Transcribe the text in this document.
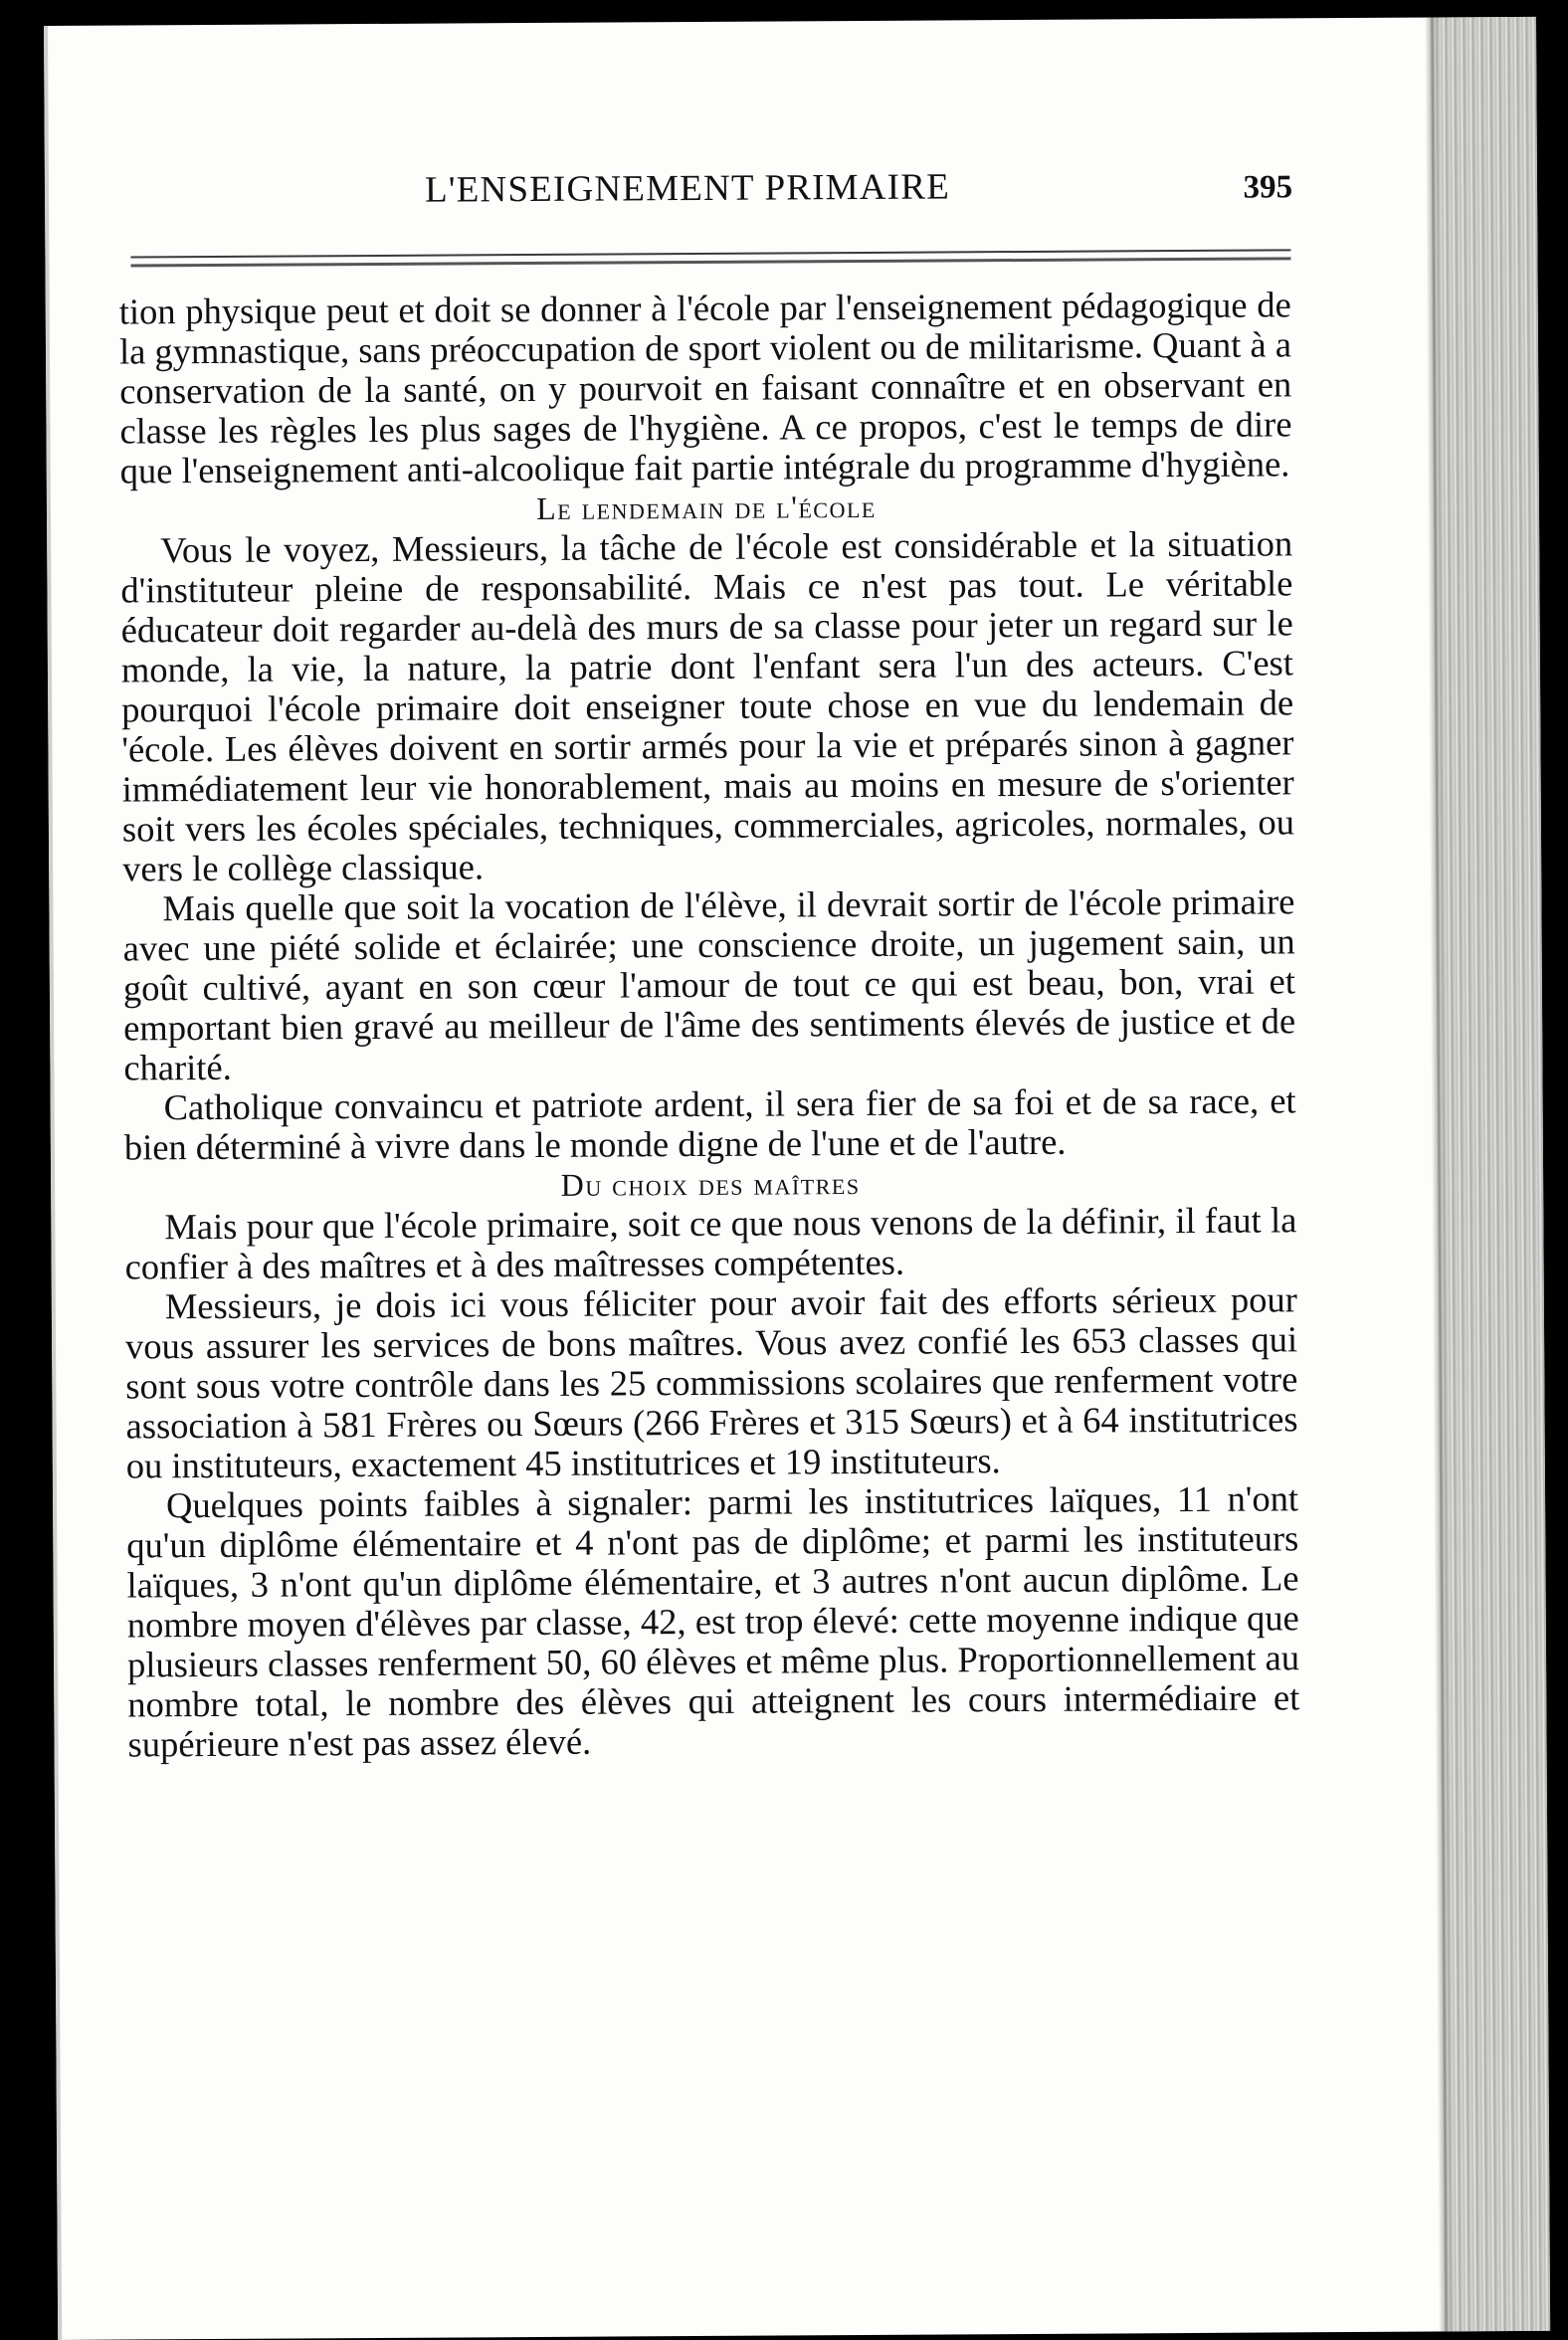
L'ENSEIGNEMENT PRIMAIRE	395

tion physique peut et doit se donner à l'école par l'enseignement pédagogique de la gymnastique, sans préoccupation de sport violent ou de militarisme. Quant à a conservation de la santé, on y pourvoit en faisant connaître et en observant en classe les règles les plus sages de l'hygiène. A ce propos, c'est le temps de dire que l'enseignement anti-alcoolique fait partie intégrale du programme d'hygiène.

Le lendemain de l'école

Vous le voyez, Messieurs, la tâche de l'école est considérable et la situation d'instituteur pleine de responsabilité. Mais ce n'est pas tout. Le véritable éducateur doit regarder au-delà des murs de sa classe pour jeter un regard sur le monde, la vie, la nature, la patrie dont l'enfant sera l'un des acteurs. C'est pourquoi l'école primaire doit enseigner toute chose en vue du lendemain de 'école. Les élèves doivent en sortir armés pour la vie et préparés sinon à gagner immédiatement leur vie honorablement, mais au moins en mesure de s'orienter soit vers les écoles spéciales, techniques, commerciales, agricoles, normales, ou vers le collège classique.

Mais quelle que soit la vocation de l'élève, il devrait sortir de l'école primaire avec une piété solide et éclairée; une conscience droite, un jugement sain, un goût cultivé, ayant en son cœur l'amour de tout ce qui est beau, bon, vrai et emportant bien gravé au meilleur de l'âme des sentiments élevés de justice et de charité.

Catholique convaincu et patriote ardent, il sera fier de sa foi et de sa race, et bien déterminé à vivre dans le monde digne de l'une et de l'autre.

Du choix des maîtres

Mais pour que l'école primaire, soit ce que nous venons de la définir, il faut la confier à des maîtres et à des maîtresses compétentes.

Messieurs, je dois ici vous féliciter pour avoir fait des efforts sérieux pour vous assurer les services de bons maîtres. Vous avez confié les 653 classes qui sont sous votre contrôle dans les 25 commissions scolaires que renferment votre association à 581 Frères ou Sœurs (266 Frères et 315 Sœurs) et à 64 institutrices ou instituteurs, exactement 45 institutrices et 19 instituteurs.

Quelques points faibles à signaler: parmi les institutrices laïques, 11 n'ont qu'un diplôme élémentaire et 4 n'ont pas de diplôme; et parmi les instituteurs laïques, 3 n'ont qu'un diplôme élémentaire, et 3 autres n'ont aucun diplôme. Le nombre moyen d'élèves par classe, 42, est trop élevé: cette moyenne indique que plusieurs classes renferment 50, 60 élèves et même plus. Proportionnellement au nombre total, le nombre des élèves qui atteignent les cours intermédiaire et supérieure n'est pas assez élevé.
